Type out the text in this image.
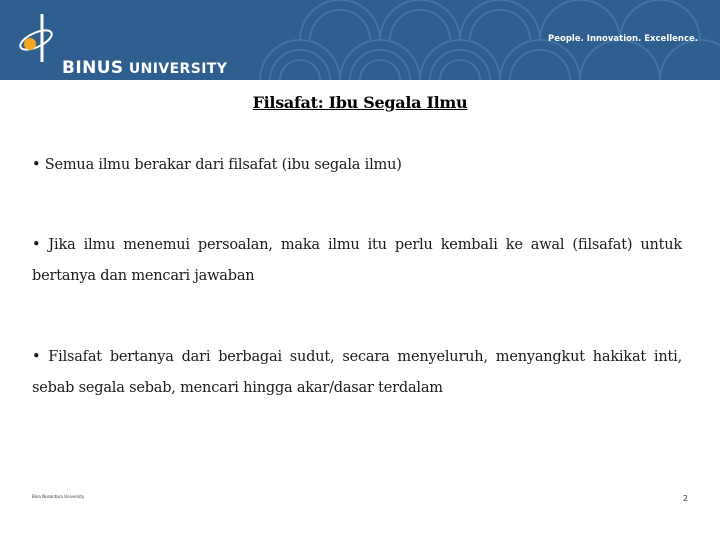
BINUS UNIVERSITY
People. Innovation. Excellence.
Filsafat: Ibu Segala Ilmu
• Semua ilmu berakar dari filsafat (ibu segala ilmu)
• Jika ilmu menemui persoalan, maka ilmu itu perlu kembali ke awal (filsafat) untuk bertanya dan mencari jawaban
• Filsafat bertanya dari berbagai sudut, secara menyeluruh, menyangkut hakikat inti, sebab segala sebab, mencari hingga akar/dasar terdalam
Bina Nusantara University	2
